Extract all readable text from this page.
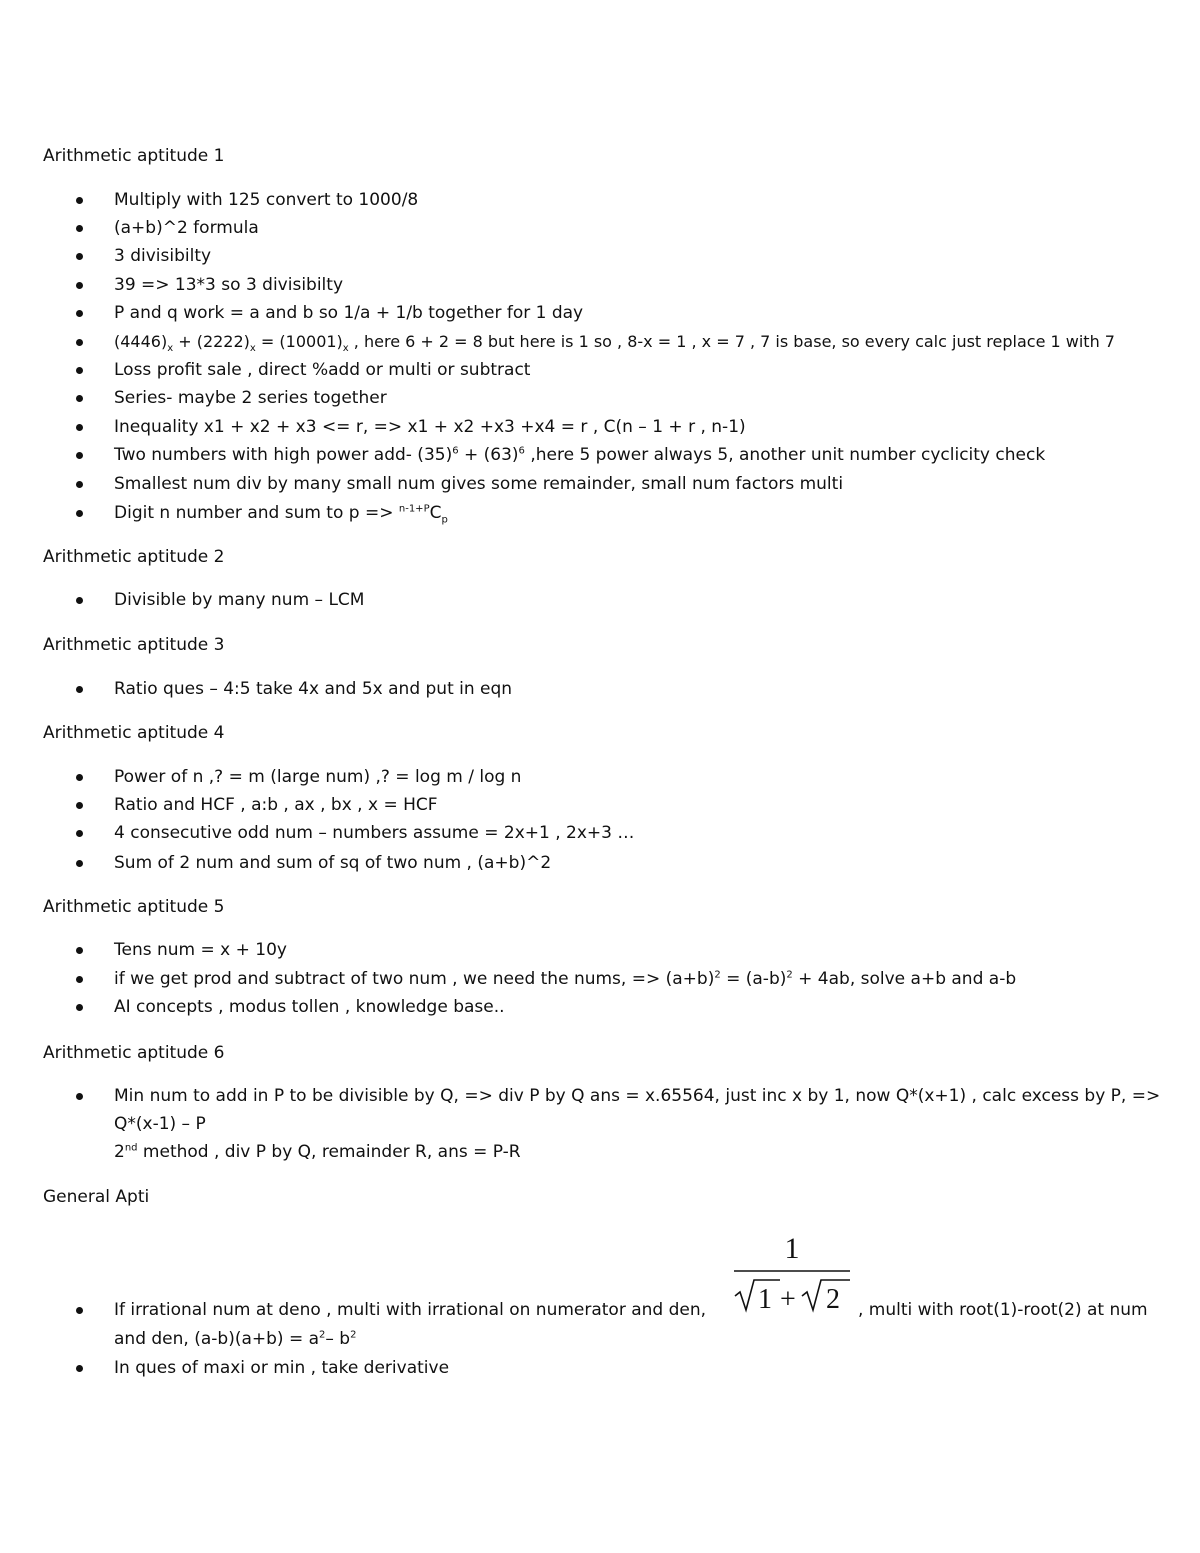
Arithmetic aptitude 1
Multiply with 125 convert to 1000/8
(a+b)^2 formula
3 divisibilty
39 => 13*3 so 3 divisibilty
P and q work = a and b so 1/a + 1/b together for 1 day
$(4446)_x + (2222)_x = (10001)_x$ , here 6 + 2 = 8 but here is 1 so , 8-x = 1 , x = 7 , 7 is base, so every calc just replace 1 with 7
Loss profit sale , direct %add or multi or subtract
Series- maybe 2 series together
Inequality x1 + x2 + x3 <= r, => x1 + x2 +x3 +x4 = r , C(n – 1 + r , n-1)
Two numbers with high power add- $(35)^6 + (63)^6$ ,here 5 power always 5, another unit number cyclicity check
Smallest num div by many small num gives some remainder, small num factors multi
Digit n number and sum to $p => ^{n-1+P}C_p$
Arithmetic aptitude 2
Divisible by many num – LCM
Arithmetic aptitude 3
Ratio ques – 4:5 take 4x and 5x and put in eqn
Arithmetic aptitude 4
Power of n ,? = m (large num) ,? = log m / log n
Ratio and HCF , a:b , ax , bx , x = HCF
4 consecutive odd num – numbers assume = 2x+1 , 2x+3 …
Sum of 2 num and sum of sq of two num , (a+b)^2
Arithmetic aptitude 5
Tens num = x + 10y
if we get prod and subtract of two num , we need the nums, => $(a+b)^2 = (a-b)^2 + 4ab$, solve a+b and a-b
AI concepts , modus tollen , knowledge base..
Arithmetic aptitude 6
Min num to add in P to be divisible by Q, => div P by Q ans = x.65564, just inc x by 1, now Q*(x+1) , calc excess by P, =>
Q*(x-1) – P
2nd method , div P by Q, remainder R, ans = P-R
General Apti
1
1 + 2
If irrational num at deno , multi with irrational on numerator and den,	, multi with root(1)-root(2) at num
and den, $(a-b)(a+b) = a^2-$ $b^2$
In ques of maxi or min , take derivative
